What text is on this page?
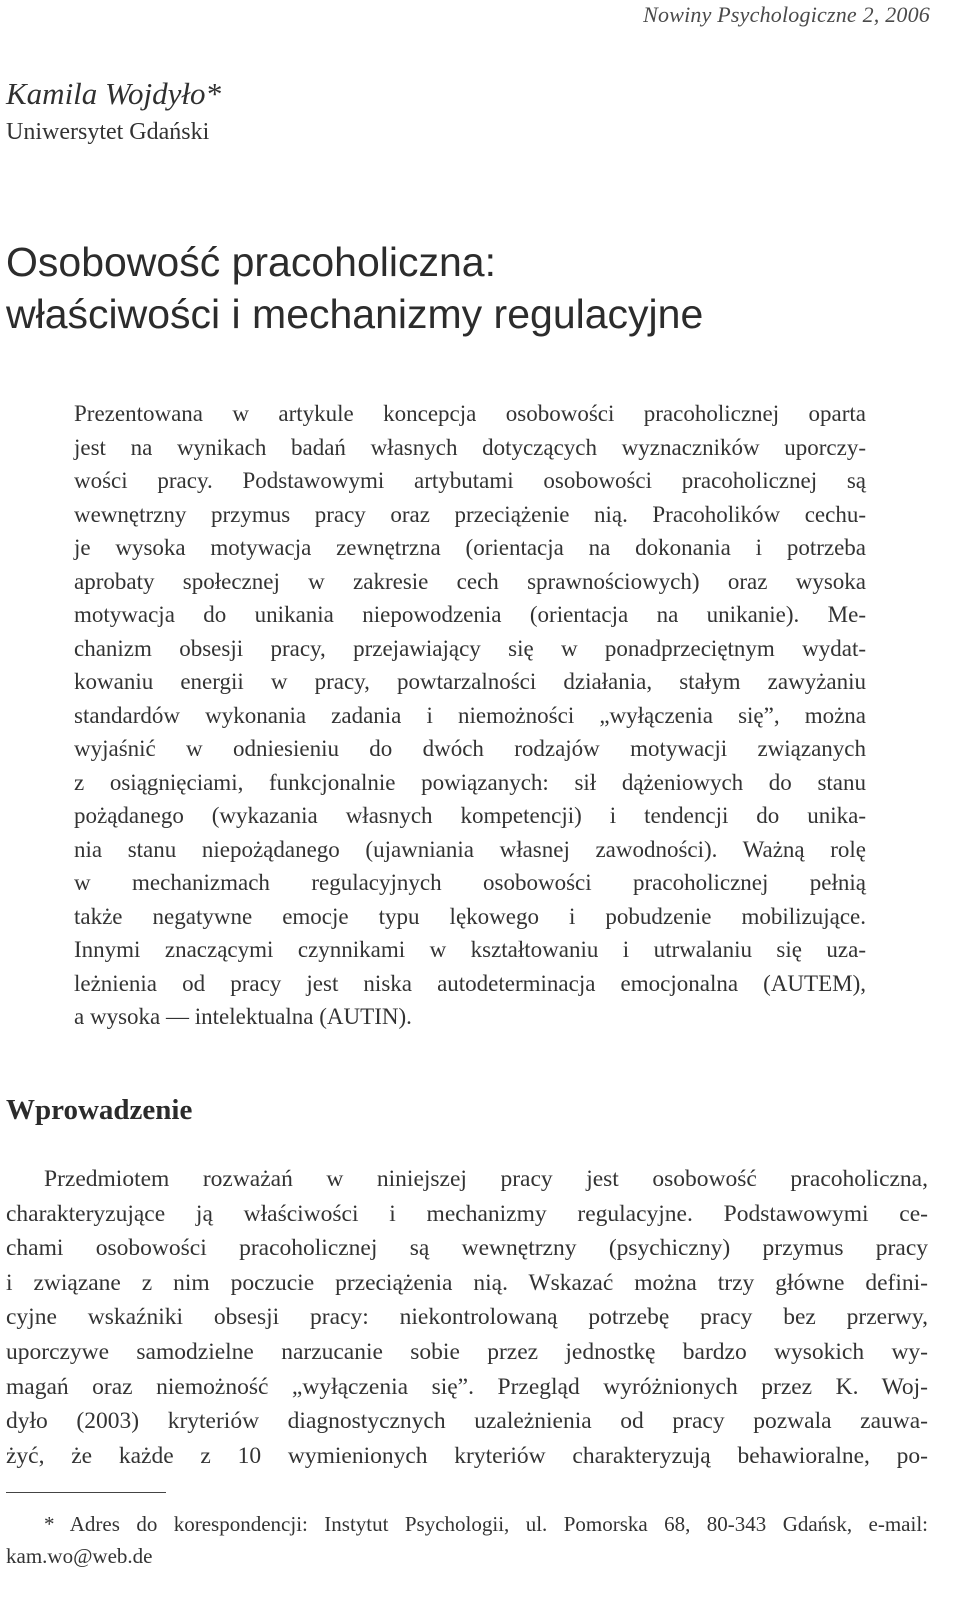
Nowiny Psychologiczne 2, 2006
Kamila Wojdyło*
Uniwersytet Gdański
Osobowość pracoholiczna:
właściwości i mechanizmy regulacyjne
Prezentowana w artykule koncepcja osobowości pracoholicznej oparta
jest na wynikach badań własnych dotyczących wyznaczników uporczy-
wości pracy. Podstawowymi artybutami osobowości pracoholicznej są
wewnętrzny przymus pracy oraz przeciążenie nią. Pracoholików cechu-
je wysoka motywacja zewnętrzna (orientacja na dokonania i potrzeba
aprobaty społecznej w zakresie cech sprawnościowych) oraz wysoka
motywacja do unikania niepowodzenia (orientacja na unikanie). Me-
chanizm obsesji pracy, przejawiający się w ponadprzeciętnym wydat-
kowaniu energii w pracy, powtarzalności działania, stałym zawyżaniu
standardów wykonania zadania i niemożności „wyłączenia się”, można
wyjaśnić w odniesieniu do dwóch rodzajów motywacji związanych
z osiągnięciami, funkcjonalnie powiązanych: sił dążeniowych do stanu
pożądanego (wykazania własnych kompetencji) i tendencji do unika-
nia stanu niepożądanego (ujawniania własnej zawodności). Ważną rolę
w mechanizmach regulacyjnych osobowości pracoholicznej pełnią
także negatywne emocje typu lękowego i pobudzenie mobilizujące.
Innymi znaczącymi czynnikami w kształtowaniu i utrwalaniu się uza-
leżnienia od pracy jest niska autodeterminacja emocjonalna (AUTEM),
a wysoka — intelektualna (AUTIN).
Wprowadzenie
Przedmiotem rozważań w niniejszej pracy jest osobowość pracoholiczna,
charakteryzujące ją właściwości i mechanizmy regulacyjne. Podstawowymi ce-
chami osobowości pracoholicznej są wewnętrzny (psychiczny) przymus pracy
i związane z nim poczucie przeciążenia nią. Wskazać można trzy główne defini-
cyjne wskaźniki obsesji pracy: niekontrolowaną potrzebę pracy bez przerwy,
uporczywe samodzielne narzucanie sobie przez jednostkę bardzo wysokich wy-
magań oraz niemożność „wyłączenia się”. Przegląd wyróżnionych przez K. Woj-
dyło (2003) kryteriów diagnostycznych uzależnienia od pracy pozwala zauwa-
żyć, że każde z 10 wymienionych kryteriów charakteryzują behawioralne, po-
* Adres do korespondencji: Instytut Psychologii, ul. Pomorska 68, 80-343 Gdańsk, e-mail:
kam.wo@web.de
